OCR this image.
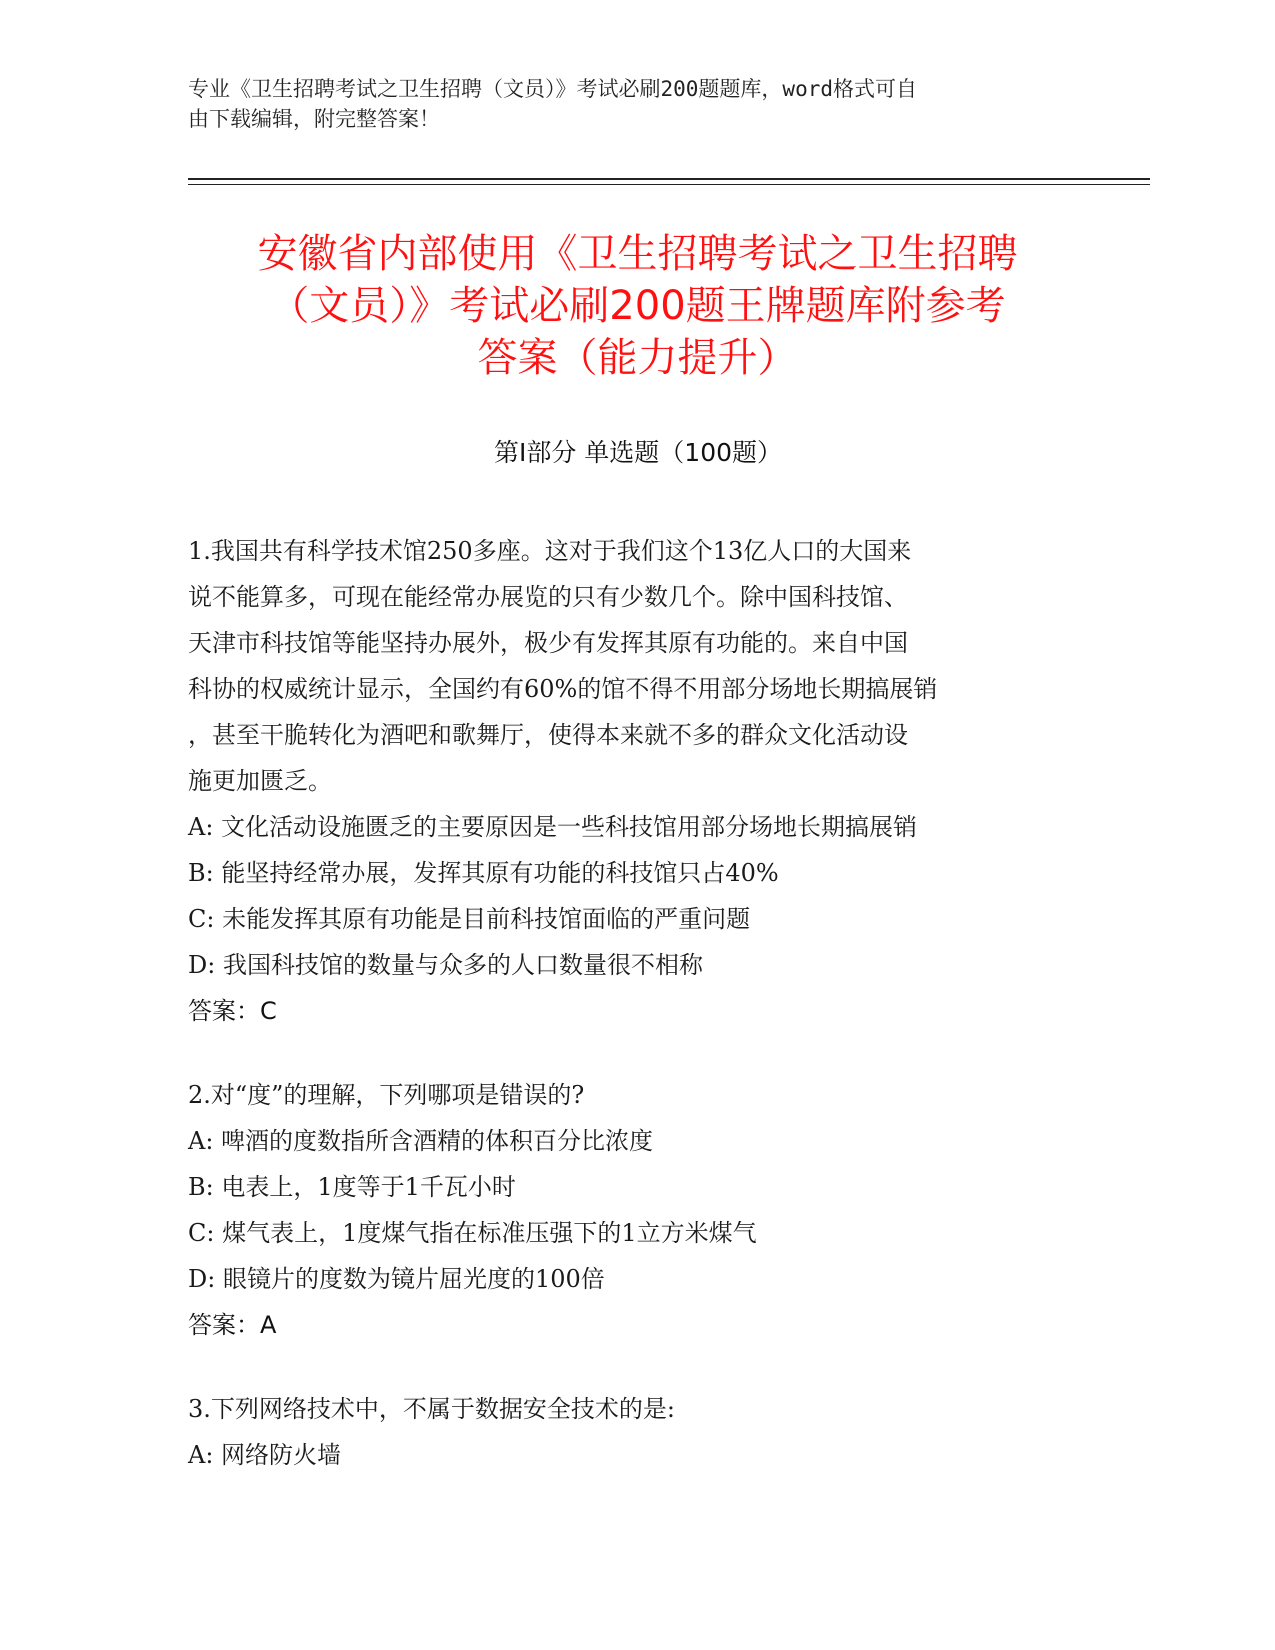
专业《卫生招聘考试之卫生招聘（文员）》考试必刷200题题库，word格式可自
由下载编辑，附完整答案！
安徽省内部使用《卫生招聘考试之卫生招聘
（文员）》考试必刷200题王牌题库附参考
答案（能力提升）
第Ⅰ部分 单选题（100题）
1.我国共有科学技术馆250多座。这对于我们这个13亿人口的大国来
说不能算多，可现在能经常办展览的只有少数几个。除中国科技馆、
天津市科技馆等能坚持办展外，极少有发挥其原有功能的。来自中国
科协的权威统计显示，全国约有60%的馆不得不用部分场地长期搞展销
，甚至干脆转化为酒吧和歌舞厅，使得本来就不多的群众文化活动设
施更加匮乏。
A: 文化活动设施匮乏的主要原因是一些科技馆用部分场地长期搞展销
B: 能坚持经常办展，发挥其原有功能的科技馆只占40%
C: 未能发挥其原有功能是目前科技馆面临的严重问题
D: 我国科技馆的数量与众多的人口数量很不相称
答案：C
2.对“度”的理解，下列哪项是错误的?
A: 啤酒的度数指所含酒精的体积百分比浓度
B: 电表上，1度等于1千瓦小时
C: 煤气表上，1度煤气指在标准压强下的1立方米煤气
D: 眼镜片的度数为镜片屈光度的100倍
答案：A
3.下列网络技术中，不属于数据安全技术的是:
A: 网络防火墙
